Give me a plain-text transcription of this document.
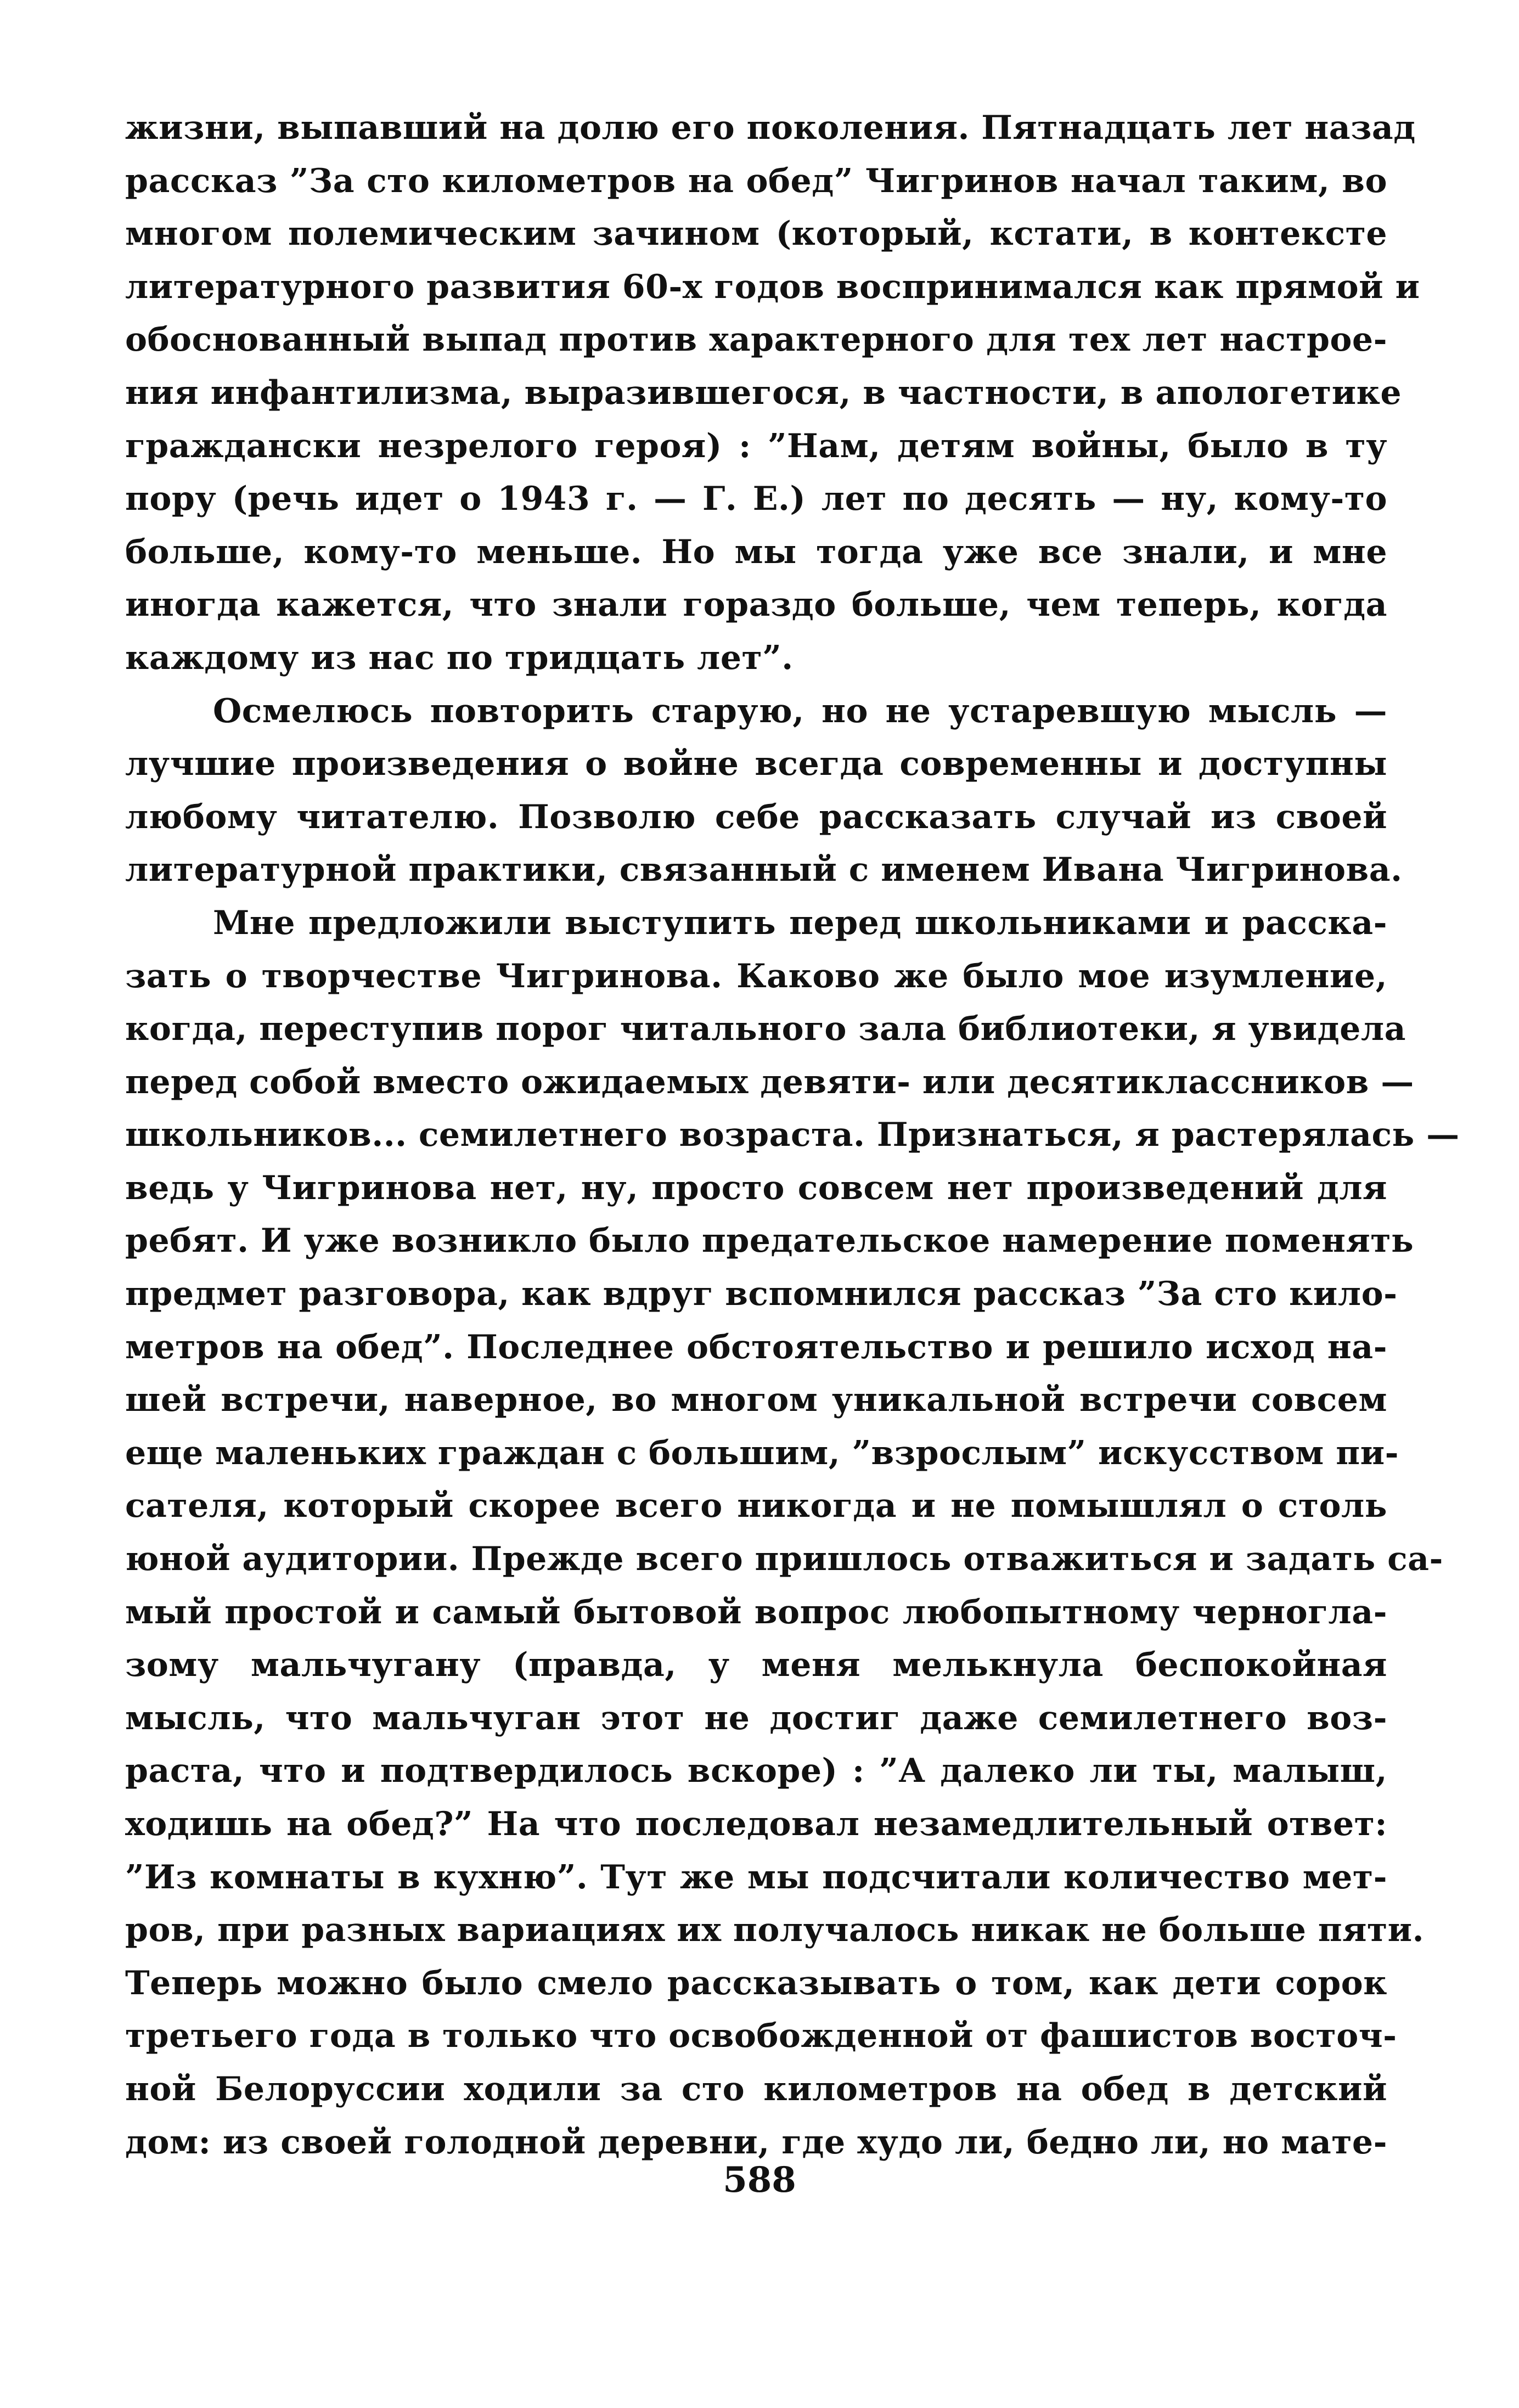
жизни, выпавший на долю его поколения. Пятнадцать лет назад
рассказ ”За сто километров на обед” Чигринов начал таким, во
многом полемическим зачином (который, кстати, в контексте
литературного развития 60-х годов воспринимался как прямой и
обоснованный выпад против характерного для тех лет настрое-
ния инфантилизма, выразившегося, в частности, в апологетике
граждански незрелого героя) : ”Нам, детям войны, было в ту
пору (речь идет о 1943 г. — Г. Е.) лет по десять — ну, кому-то
больше, кому-то меньше. Но мы тогда уже все знали, и мне
иногда кажется, что знали гораздо больше, чем теперь, когда
каждому из нас по тридцать лет”.
Осмелюсь повторить старую, но не устаревшую мысль —
лучшие произведения о войне всегда современны и доступны
любому читателю. Позволю себе рассказать случай из своей
литературной практики, связанный с именем Ивана Чигринова.
Мне предложили выступить перед школьниками и расска-
зать о творчестве Чигринова. Каково же было мое изумление,
когда, переступив порог читального зала библиотеки, я увидела
перед собой вместо ожидаемых девяти- или десятиклассников —
школьников... семилетнего возраста. Признаться, я растерялась —
ведь у Чигринова нет, ну, просто совсем нет произведений для
ребят. И уже возникло было предательское намерение поменять
предмет разговора, как вдруг вспомнился рассказ ”За сто кило-
метров на обед”. Последнее обстоятельство и решило исход на-
шей встречи, наверное, во многом уникальной встречи совсем
еще маленьких граждан с большим, ”взрослым” искусством пи-
сателя, который скорее всего никогда и не помышлял о столь
юной аудитории. Прежде всего пришлось отважиться и задать са-
мый простой и самый бытовой вопрос любопытному черногла-
зому мальчугану (правда, у меня мелькнула беспокойная
мысль, что мальчуган этот не достиг даже семилетнего воз-
раста, что и подтвердилось вскоре) : ”А далеко ли ты, малыш,
ходишь на обед?” На что последовал незамедлительный ответ:
”Из комнаты в кухню”. Тут же мы подсчитали количество мет-
ров, при разных вариациях их получалось никак не больше пяти.
Теперь можно было смело рассказывать о том, как дети сорок
третьего года в только что освобожденной от фашистов восточ-
ной Белоруссии ходили за сто километров на обед в детский
дом: из своей голодной деревни, где худо ли, бедно ли, но мате-
588
